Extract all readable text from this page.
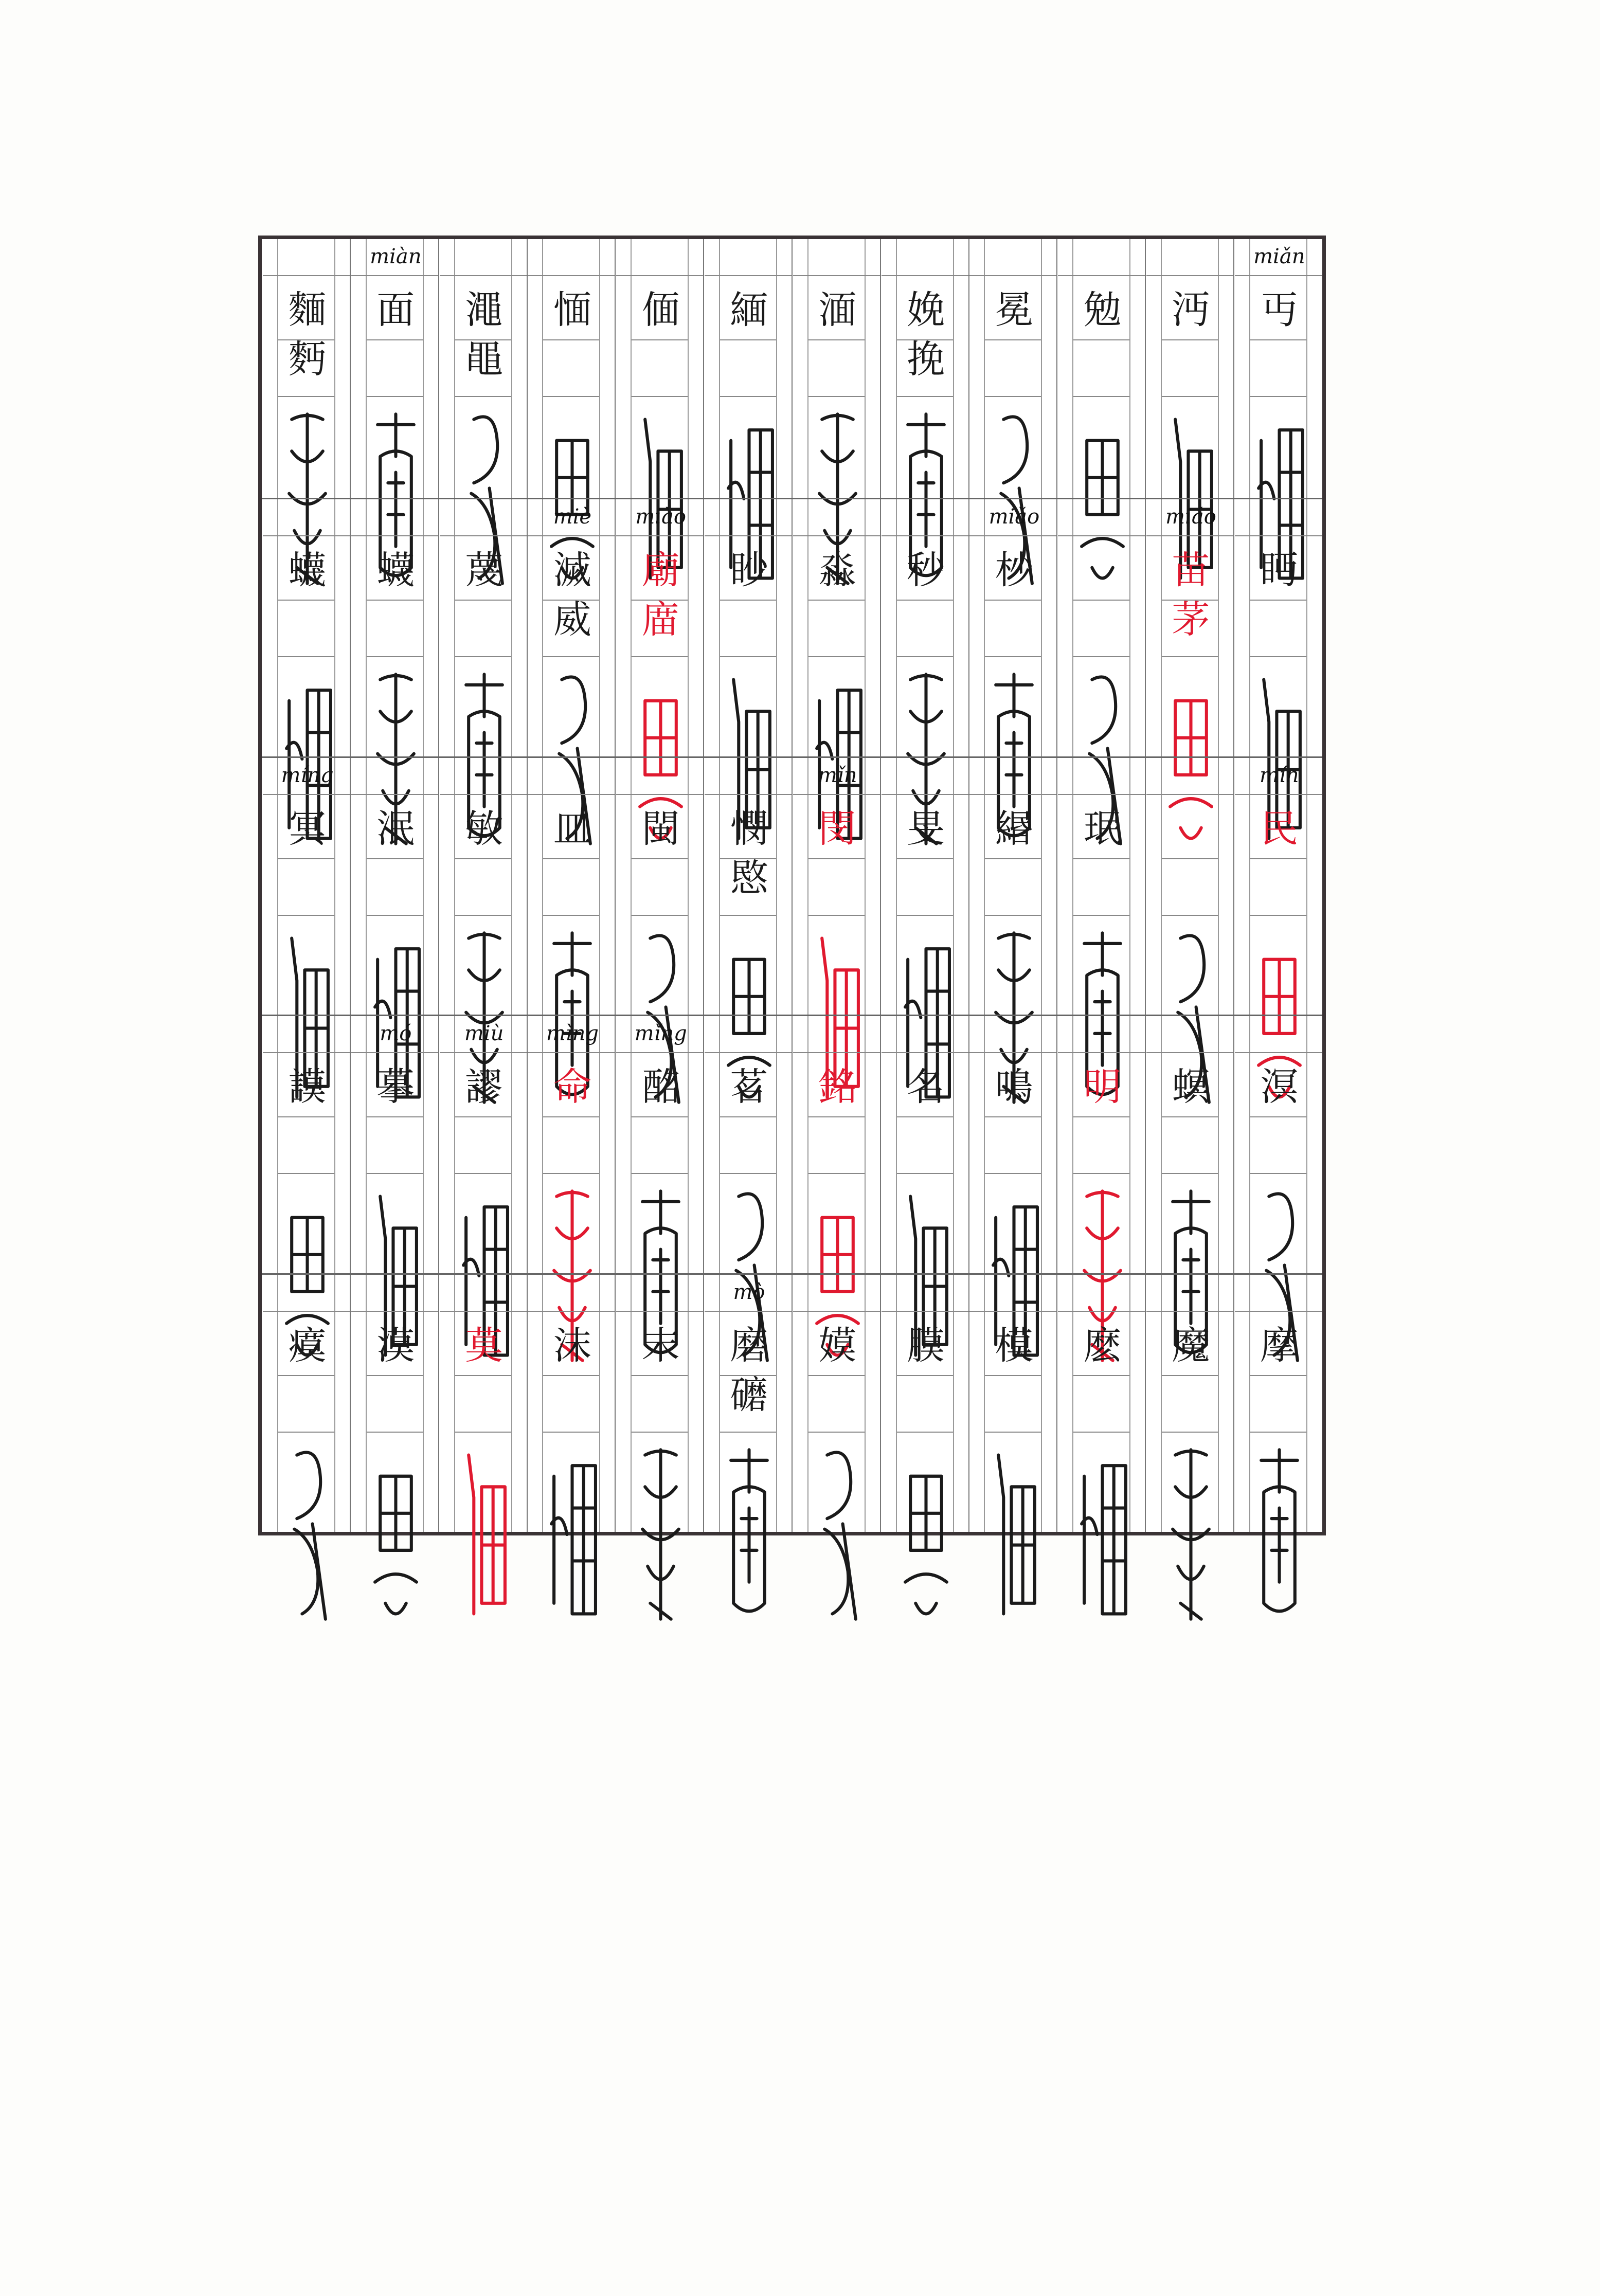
麵
麪
miàn
面 澠
黽
愐 偭 緬 湎 娩
挽
冕 勉 沔
miǎn
丏
蠛 蠛 蔑
miè
滅
威
miào
廟
庿
眇 淼 秒
miǎo
杪
miáo
苗
茅
眄
míng
冥 泯 敏 皿 閩 憫
愍
mǐn
閔 旻 緡 珉
mín
民
謨
mó
摹
miù
謬
mìng
命
mǐng
酩 茗 銘 名 鳴 明 螟 溟
瘼 漠 莫 沫 末
mò
磨
礳
嫫 膜 模 麽 魔 摩
